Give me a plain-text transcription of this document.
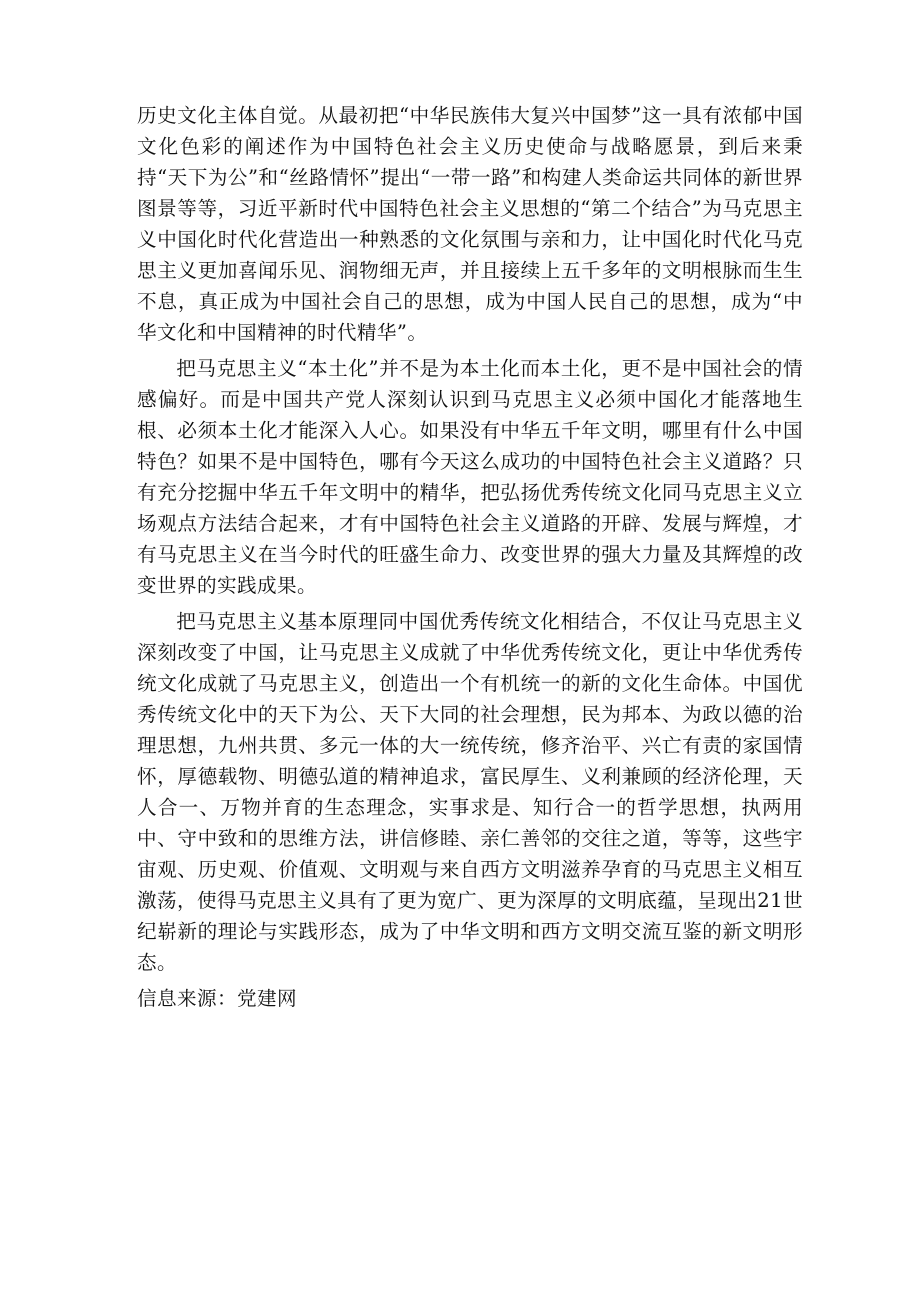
历史文化主体自觉。从最初把“中华民族伟大复兴中国梦”这一具有浓郁中国文化色彩的阐述作为中国特色社会主义历史使命与战略愿景，到后来秉持“天下为公”和“丝路情怀”提出“一带一路”和构建人类命运共同体的新世界图景等等，习近平新时代中国特色社会主义思想的“第二个结合”为马克思主义中国化时代化营造出一种熟悉的文化氛围与亲和力，让中国化时代化马克思主义更加喜闻乐见、润物细无声，并且接续上五千多年的文明根脉而生生不息，真正成为中国社会自己的思想，成为中国人民自己的思想，成为“中华文化和中国精神的时代精华”。

把马克思主义“本土化”并不是为本土化而本土化，更不是中国社会的情感偏好。而是中国共产党人深刻认识到马克思主义必须中国化才能落地生根、必须本土化才能深入人心。如果没有中华五千年文明，哪里有什么中国特色？如果不是中国特色，哪有今天这么成功的中国特色社会主义道路？只有充分挖掘中华五千年文明中的精华，把弘扬优秀传统文化同马克思主义立场观点方法结合起来，才有中国特色社会主义道路的开辟、发展与辉煌，才有马克思主义在当今时代的旺盛生命力、改变世界的强大力量及其辉煌的改变世界的实践成果。

把马克思主义基本原理同中国优秀传统文化相结合，不仅让马克思主义深刻改变了中国，让马克思主义成就了中华优秀传统文化，更让中华优秀传统文化成就了马克思主义，创造出一个有机统一的新的文化生命体。中国优秀传统文化中的天下为公、天下大同的社会理想，民为邦本、为政以德的治理思想，九州共贯、多元一体的大一统传统，修齐治平、兴亡有责的家国情怀，厚德载物、明德弘道的精神追求，富民厚生、义利兼顾的经济伦理，天人合一、万物并育的生态理念，实事求是、知行合一的哲学思想，执两用中、守中致和的思维方法，讲信修睦、亲仁善邻的交往之道，等等，这些宇宙观、历史观、价值观、文明观与来自西方文明滋养孕育的马克思主义相互激荡，使得马克思主义具有了更为宽广、更为深厚的文明底蕴，呈现出21世纪崭新的理论与实践形态，成为了中华文明和西方文明交流互鉴的新文明形态。

信息来源：党建网
